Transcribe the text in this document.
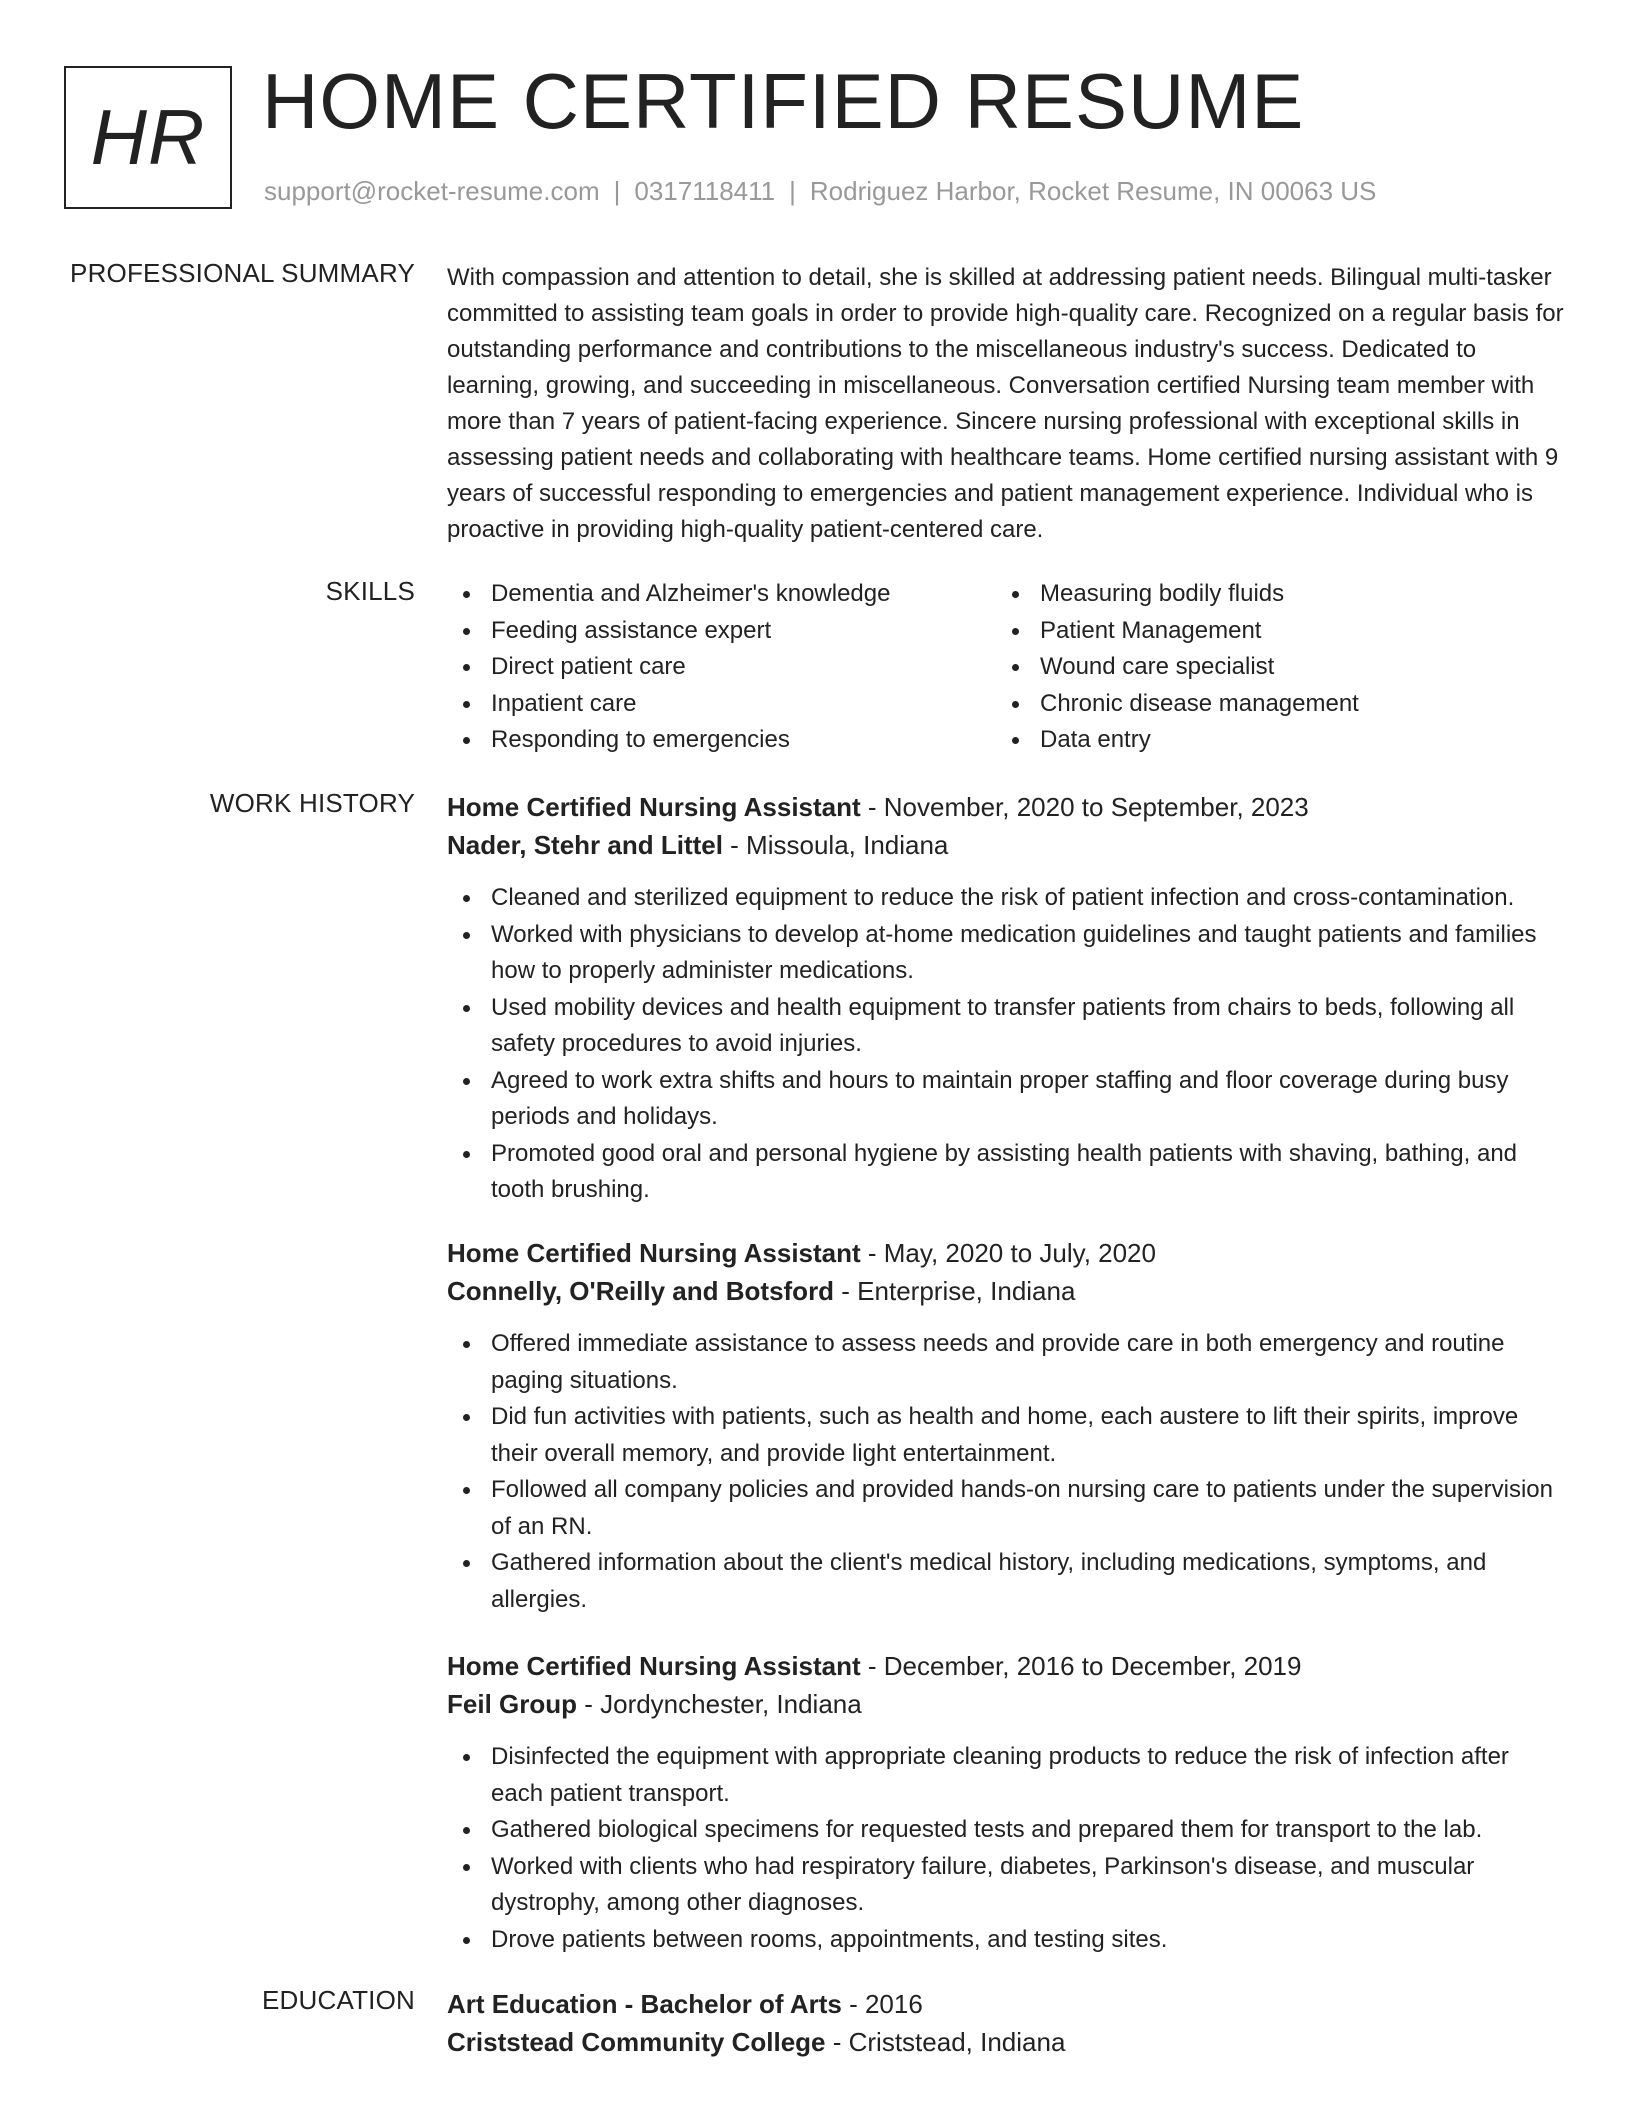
HR HOME CERTIFIED RESUME
support@rocket-resume.com | 0317118411 | Rodriguez Harbor, Rocket Resume, IN 00063 US
PROFESSIONAL SUMMARY With compassion and attention to detail, she is skilled at addressing patient needs. Bilingual multi-tasker committed to assisting team goals in order to provide high-quality care. Recognized on a regular basis for outstanding performance and contributions to the miscellaneous industry's success. Dedicated to learning, growing, and succeeding in miscellaneous. Conversation certified Nursing team member with more than 7 years of patient-facing experience. Sincere nursing professional with exceptional skills in assessing patient needs and collaborating with healthcare teams. Home certified nursing assistant with 9 years of successful responding to emergencies and patient management experience. Individual who is proactive in providing high-quality patient-centered care.
SKILLS	Dementia and Alzheimer's knowledge
Feeding assistance expert
Direct patient care
Inpatient care
Responding to emergencies
Measuring bodily fluids
Patient Management
Wound care specialist
Chronic disease management
Data entry
WORK HISTORY Home Certified Nursing Assistant - November, 2020 to September, 2023
Nader, Stehr and Littel - Missoula, Indiana
Cleaned and sterilized equipment to reduce the risk of patient infection and cross-contamination.
Worked with physicians to develop at-home medication guidelines and taught patients and families how to properly administer medications.
Used mobility devices and health equipment to transfer patients from chairs to beds, following all safety procedures to avoid injuries.
Agreed to work extra shifts and hours to maintain proper staffing and floor coverage during busy periods and holidays.
Promoted good oral and personal hygiene by assisting health patients with shaving, bathing, and tooth brushing.
Home Certified Nursing Assistant - May, 2020 to July, 2020
Connelly, O'Reilly and Botsford - Enterprise, Indiana
Offered immediate assistance to assess needs and provide care in both emergency and routine paging situations.
Did fun activities with patients, such as health and home, each austere to lift their spirits, improve their overall memory, and provide light entertainment.
Followed all company policies and provided hands-on nursing care to patients under the supervision of an RN.
Gathered information about the client's medical history, including medications, symptoms, and allergies.
Home Certified Nursing Assistant - December, 2016 to December, 2019
Feil Group - Jordynchester, Indiana
Disinfected the equipment with appropriate cleaning products to reduce the risk of infection after each patient transport.
Gathered biological specimens for requested tests and prepared them for transport to the lab.
Worked with clients who had respiratory failure, diabetes, Parkinson's disease, and muscular dystrophy, among other diagnoses.
Drove patients between rooms, appointments, and testing sites.
EDUCATION Art Education - Bachelor of Arts - 2016
Criststead Community College - Criststead, Indiana
